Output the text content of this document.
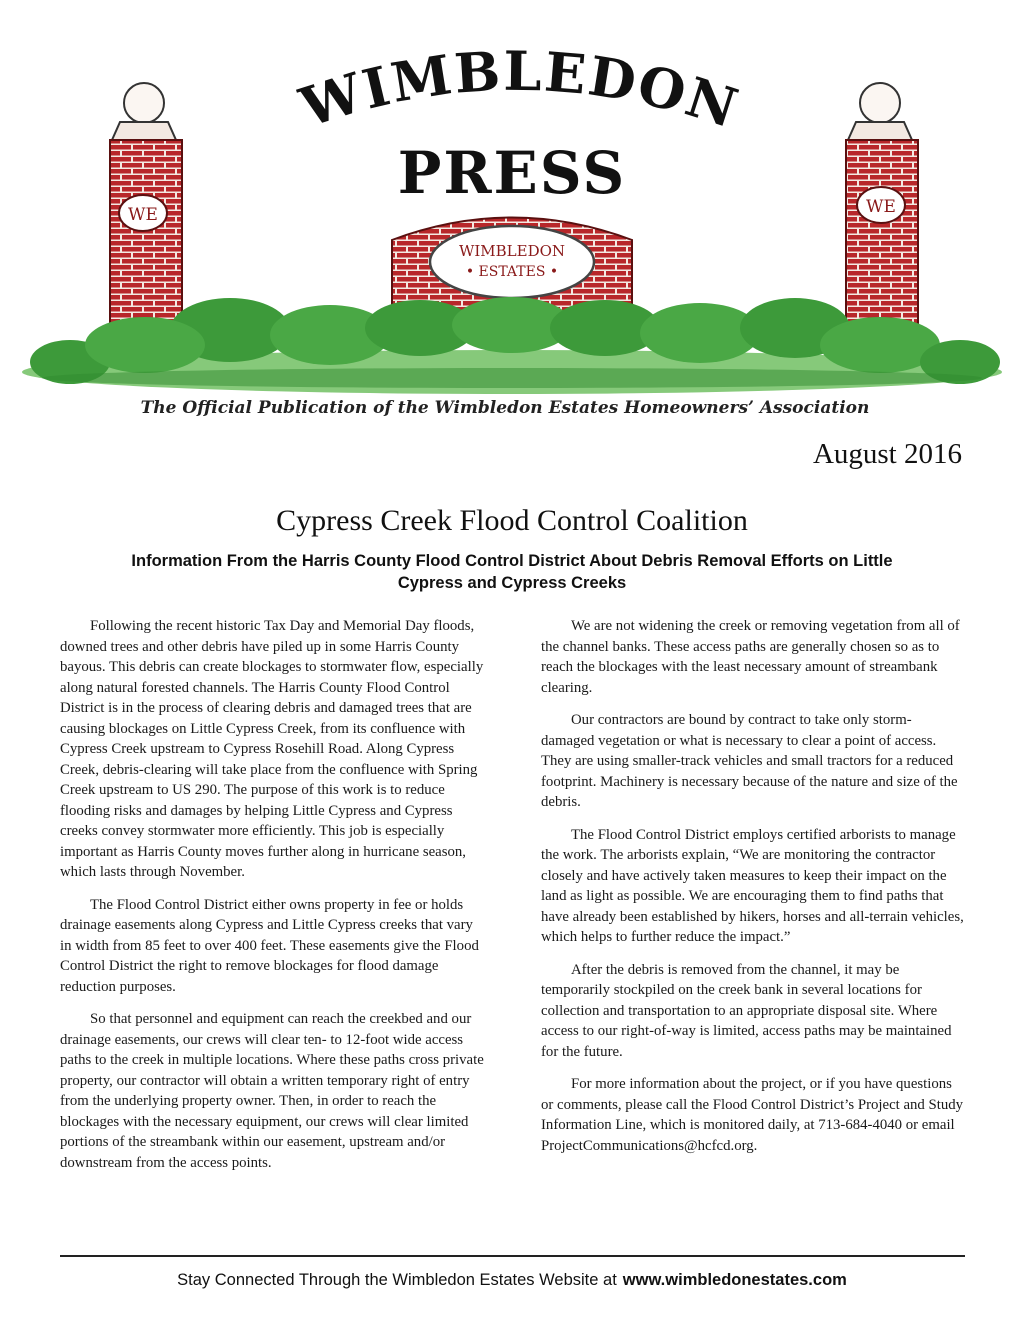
WE	WE
WIMBLEDON
• ESTATES •
WIMBLEDON
PRESS
The Official Publication of the Wimbledon Estates Homeowners’ Association
August 2016
Cypress Creek Flood Control Coalition
Information From the Harris County Flood Control District About Debris Removal Efforts on Little Cypress and Cypress Creeks

Following the recent historic Tax Day and Memorial Day floods, downed trees and other debris have piled up in some Harris County bayous. This debris can create blockages to stormwater flow, especially along natural forested channels. The Harris County Flood Control District is in the process of clearing debris and damaged trees that are causing blockages on Little Cypress Creek, from its confluence with Cypress Creek upstream to Cypress Rosehill Road. Along Cypress Creek, debris-clearing will take place from the confluence with Spring Creek upstream to US 290. The purpose of this work is to reduce flooding risks and damages by helping Little Cypress and Cypress creeks convey stormwater more efficiently. This job is especially important as Harris County moves further along in hurricane season, which lasts through November.

The Flood Control District either owns property in fee or holds drainage easements along Cypress and Little Cypress creeks that vary in width from 85 feet to over 400 feet. These easements give the Flood Control District the right to remove blockages for flood damage reduction purposes.

So that personnel and equipment can reach the creekbed and our drainage easements, our crews will clear ten- to 12-foot wide access paths to the creek in multiple locations. Where these paths cross private property, our contractor will obtain a written temporary right of entry from the underlying property owner. Then, in order to reach the blockages with the necessary equipment, our crews will clear limited portions of the streambank within our easement, upstream and/or downstream from the access points.

We are not widening the creek or removing vegetation from all of the channel banks. These access paths are generally chosen so as to reach the blockages with the least necessary amount of streambank clearing.

Our contractors are bound by contract to take only storm-damaged vegetation or what is necessary to clear a point of access. They are using smaller-track vehicles and small tractors for a reduced footprint. Machinery is necessary because of the nature and size of the debris.

The Flood Control District employs certified arborists to manage the work. The arborists explain, “We are monitoring the contractor closely and have actively taken measures to keep their impact on the land as light as possible. We are encouraging them to find paths that have already been established by hikers, horses and all-terrain vehicles, which helps to further reduce the impact.”

After the debris is removed from the channel, it may be temporarily stockpiled on the creek bank in several locations for collection and transportation to an appropriate disposal site. Where access to our right-of-way is limited, access paths may be maintained for the future.

For more information about the project, or if you have questions or comments, please call the Flood Control District’s Project and Study Information Line, which is monitored daily, at 713-684-4040 or email ProjectCommunications@hcfcd.org.

Stay Connected Through the Wimbledon Estates Website at www.wimbledonestates.com
